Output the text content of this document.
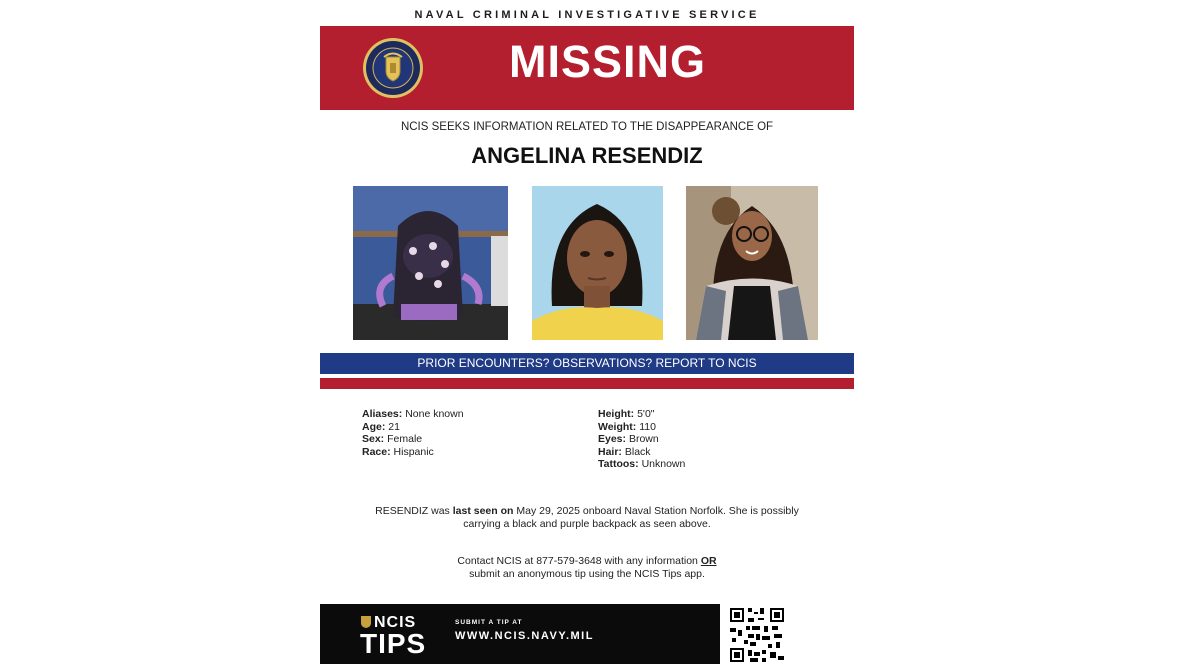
NAVAL CRIMINAL INVESTIGATIVE SERVICE
MISSING
NCIS SEEKS INFORMATION RELATED TO THE DISAPPEARANCE OF
ANGELINA RESENDIZ
PRIOR ENCOUNTERS? OBSERVATIONS? REPORT TO NCIS
Aliases: None known
Age: 21
Sex: Female
Race: Hispanic
Height: 5'0"
Weight: 110
Eyes: Brown
Hair: Black
Tattoos: Unknown
RESENDIZ was last seen on May 29, 2025 onboard Naval Station Norfolk. She is possibly
carrying a black and purple backpack as seen above.
Contact NCIS at 877-579-3648 with any information OR
submit an anonymous tip using the NCIS Tips app.
NCIS
TIPS
SUBMIT A TIP AT
WWW.NCIS.NAVY.MIL
